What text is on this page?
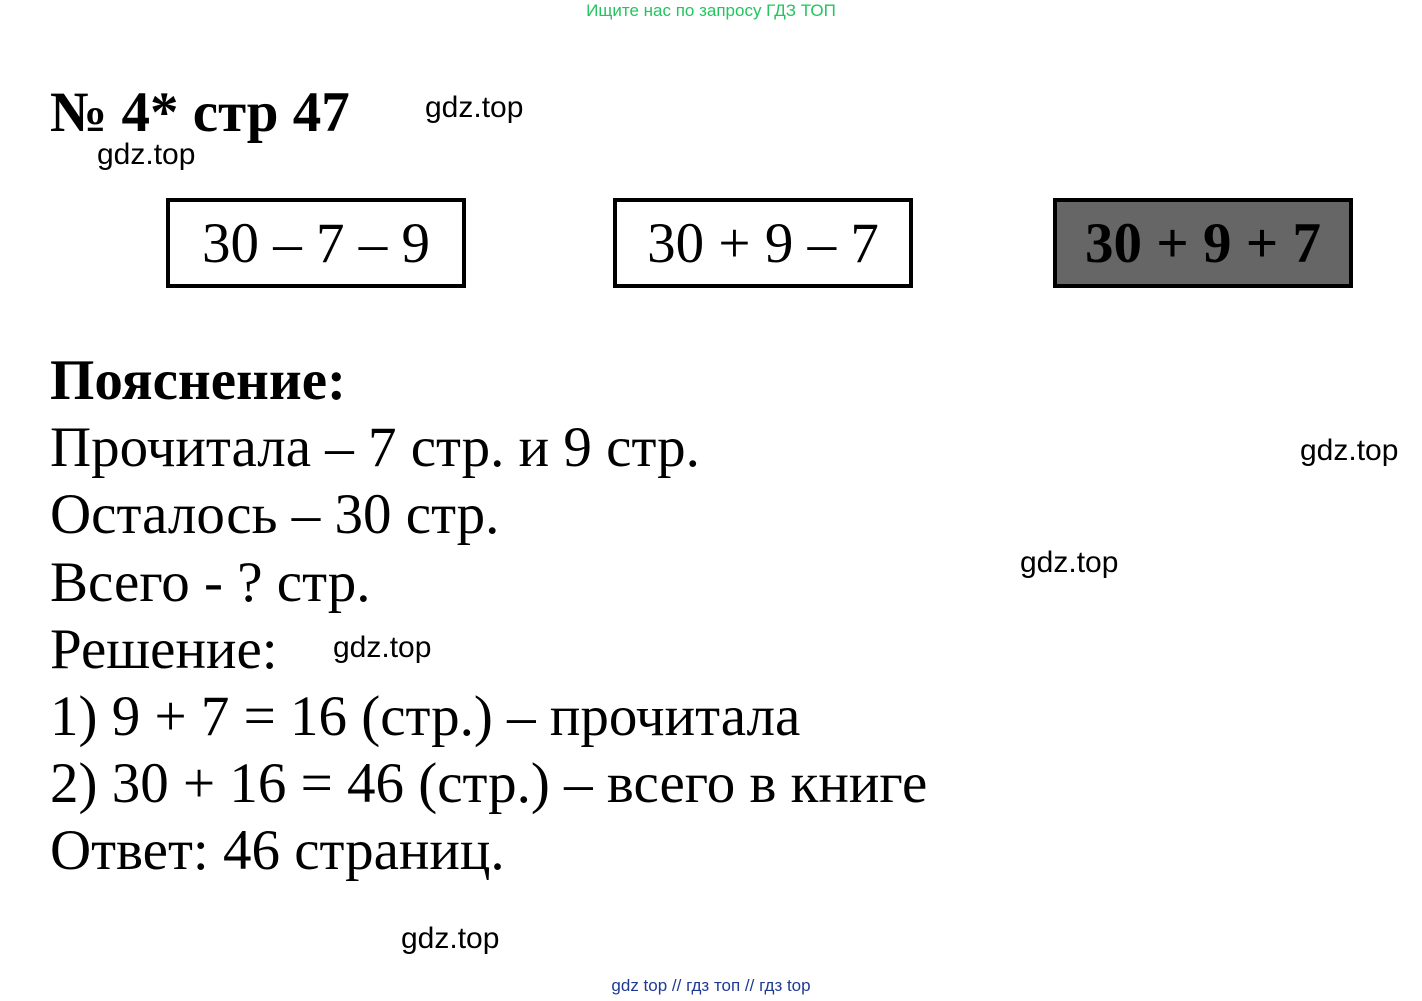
Ищите нас по запросу ГДЗ ТОП
№ 4* стр 47	gdz.top
gdz.top
30 – 7 – 9	30 + 9 – 7	30 + 9 + 7
Пояснение:
Прочитала – 7 стр. и 9 стр.
Осталось – 30 стр.
Всего - ? стр.
Решение:
1) 9 + 7 = 16 (стр.) – прочитала
2) 30 + 16 = 46 (стр.) – всего в книге
Ответ: 46 страниц.
gdz.top
gdz.top
gdz.top
gdz.top
gdz top // гдз топ // гдз top
